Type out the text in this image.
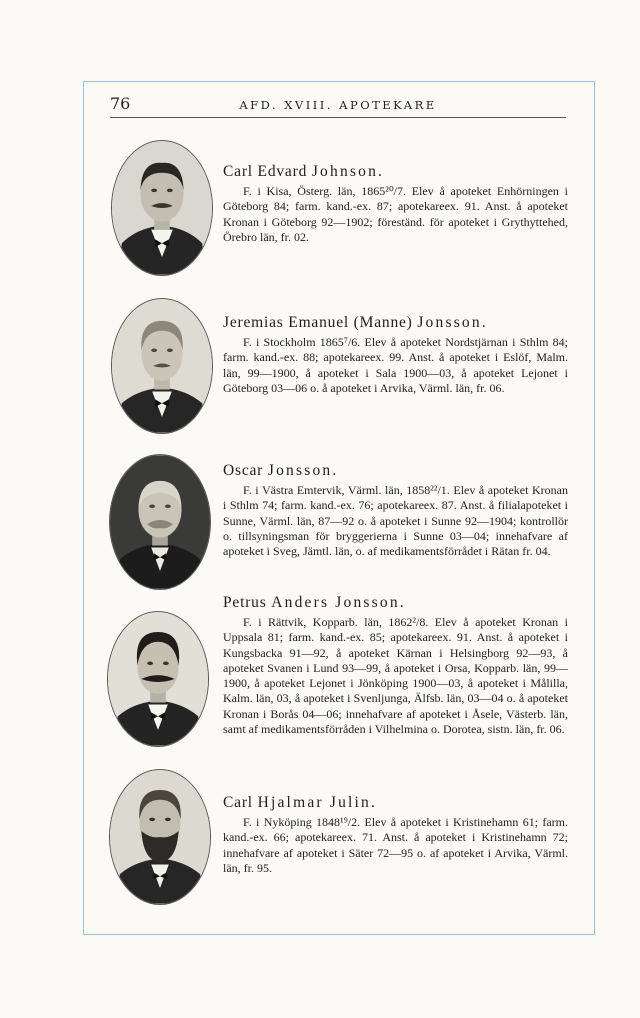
76	AFD. XVIII. APOTEKARE

Carl Edvard Johnson.

F. i Kisa, Österg. län, 1865²⁰/7. Elev å apoteket Enhörningen i Göteborg 84; farm. kand.-ex. 87; apotekareex. 91. Anst. å apoteket Kronan i Göteborg 92—1902; föreständ. för apoteket i Grythyttehed, Örebro län, fr. 02.

Jeremias Emanuel (Manne) Jonsson.

F. i Stockholm 1865⁷/6. Elev å apoteket Nordstjärnan i Sthlm 84; farm. kand.-ex. 88; apotekareex. 99. Anst. å apoteket i Eslöf, Malm. län, 99—1900, å apoteket i Sala 1900—03, å apoteket Lejonet i Göteborg 03—06 o. å apoteket i Arvika, Värml. län, fr. 06.

Oscar Jonsson.

F. i Västra Emtervik, Värml. län, 1858²²/1. Elev å apoteket Kronan i Sthlm 74; farm. kand.-ex. 76; apotekareex. 87. Anst. å filialapoteket i Sunne, Värml. län, 87—92 o. å apoteket i Sunne 92—1904; kontrollör o. tillsyningsman för bryggerierna i Sunne 03—04; innehafvare af apoteket i Sveg, Jämtl. län, o. af medikamentsförrådet i Rätan fr. 04.

Petrus Anders Jonsson.

F. i Rättvik, Kopparb. län, 1862²/8. Elev å apoteket Kronan i Uppsala 81; farm. kand.-ex. 85; apotekareex. 91. Anst. å apoteket i Kungsbacka 91—92, å apoteket Kärnan i Helsingborg 92—93, å apoteket Svanen i Lund 93—99, å apoteket i Orsa, Kopparb. län, 99—1900, å apoteket Lejonet i Jönköping 1900—03, å apoteket i Målilla, Kalm. län, 03, å apoteket i Svenljunga, Älfsb. län, 03—04 o. å apoteket Kronan i Borås 04—06; innehafvare af apoteket i Åsele, Västerb. län, samt af medikamentsförråden i Vilhelmina o. Dorotea, sistn. län, fr. 06.

Carl Hjalmar Julin.

F. i Nyköping 1848¹⁹/2. Elev å apoteket i Kristinehamn 61; farm. kand.-ex. 66; apotekareex. 71. Anst. å apoteket i Kristinehamn 72; innehafvare af apoteket i Säter 72—95 o. af apoteket i Arvika, Värml. län, fr. 95.
